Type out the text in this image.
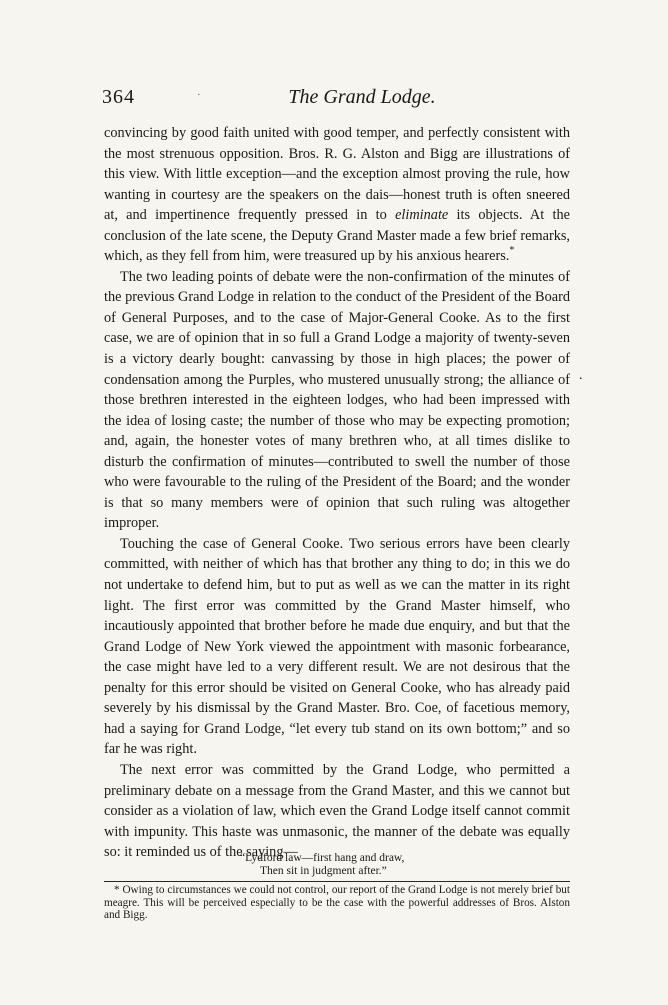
364	·	The Grand Lodge.

convincing by good faith united with good temper, and perfectly consistent with the most strenuous opposition. Bros. R. G. Alston and Bigg are illustrations of this view. With little exception—and the exception almost proving the rule, how wanting in courtesy are the speakers on the dais—honest truth is often sneered at, and impertinence frequently pressed in to eliminate its objects. At the conclusion of the late scene, the Deputy Grand Master made a few brief remarks, which, as they fell from him, were treasured up by his anxious hearers.*

The two leading points of debate were the non-confirmation of the minutes of the previous Grand Lodge in relation to the conduct of the President of the Board of General Purposes, and to the case of Major-General Cooke. As to the first case, we are of opinion that in so full a Grand Lodge a majority of twenty-seven is a victory dearly bought: canvassing by those in high places; the power of condensation among the Purples, who mustered unusually strong; the alliance of those brethren interested in the eighteen lodges, who had been impressed with the idea of losing caste; the number of those who may be expecting promotion; and, again, the honester votes of many brethren who, at all times dislike to disturb the confirmation of minutes—contributed to swell the number of those who were favourable to the ruling of the President of the Board; and the wonder is that so many members were of opinion that such ruling was altogether improper.

Touching the case of General Cooke. Two serious errors have been clearly committed, with neither of which has that brother any thing to do; in this we do not undertake to defend him, but to put as well as we can the matter in its right light. The first error was committed by the Grand Master himself, who incautiously appointed that brother before he made due enquiry, and but that the Grand Lodge of New York viewed the appointment with masonic forbearance, the case might have led to a very different result. We are not desirous that the penalty for this error should be visited on General Cooke, who has already paid severely by his dismissal by the Grand Master. Bro. Coe, of facetious memory, had a saying for Grand Lodge, “let every tub stand on its own bottom;” and so far he was right.

The next error was committed by the Grand Lodge, who permitted a preliminary debate on a message from the Grand Master, and this we cannot but consider as a violation of law, which even the Grand Lodge itself cannot commit with impunity. This haste was unmasonic, the manner of the debate was equally so: it reminded us of the saying—

“Lydford law—first hang and draw,
Then sit in judgment after.”
* Owing to circumstances we could not control, our report of the Grand Lodge is not merely brief but meagre. This will be perceived especially to be the case with the powerful addresses of Bros. Alston and Bigg.
.
